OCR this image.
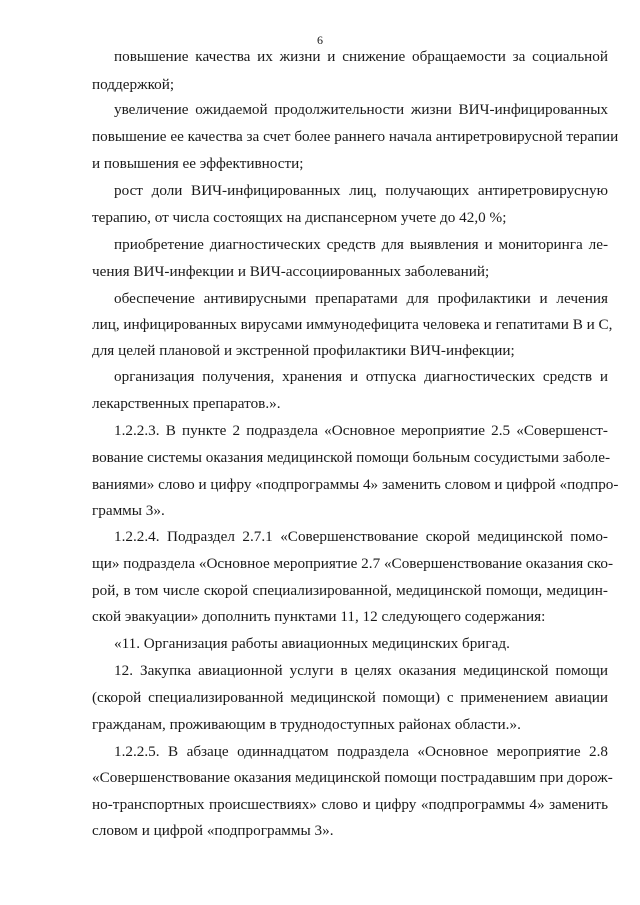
6
повышение качества их жизни и снижение обращаемости за социальной
поддержкой;
увеличение ожидаемой продолжительности жизни ВИЧ-инфицированных
повышение ее качества за счет более раннего начала антиретровирусной терапии
и повышения ее эффективности;
рост доли ВИЧ-инфицированных лиц, получающих антиретровирусную
терапию, от числа состоящих на диспансерном учете до 42,0 %;
приобретение диагностических средств для выявления и мониторинга ле-
чения ВИЧ-инфекции и ВИЧ-ассоциированных заболеваний;
обеспечение антивирусными препаратами для профилактики и лечения
лиц, инфицированных вирусами иммунодефицита человека и гепатитами В и С,
для целей плановой и экстренной профилактики ВИЧ-инфекции;
организация получения, хранения и отпуска диагностических средств и
лекарственных препаратов.».
1.2.2.3. В пункте 2 подраздела «Основное мероприятие 2.5 «Совершенст-
вование системы оказания медицинской помощи больным сосудистыми заболе-
ваниями» слово и цифру «подпрограммы 4» заменить словом и цифрой «подпро-
граммы 3».
1.2.2.4. Подраздел 2.7.1 «Совершенствование скорой медицинской помо-
щи» подраздела «Основное мероприятие 2.7 «Совершенствование оказания ско-
рой, в том числе скорой специализированной, медицинской помощи, медицин-
ской эвакуации» дополнить пунктами 11, 12 следующего содержания:
«11. Организация работы авиационных медицинских бригад.
12. Закупка авиационной услуги в целях оказания медицинской помощи
(скорой специализированной медицинской помощи) с применением авиации
гражданам, проживающим в труднодоступных районах области.».
1.2.2.5. В абзаце одиннадцатом подраздела «Основное мероприятие 2.8
«Совершенствование оказания медицинской помощи пострадавшим при дорож-
но-транспортных происшествиях» слово и цифру «подпрограммы 4» заменить
словом и цифрой «подпрограммы 3».
